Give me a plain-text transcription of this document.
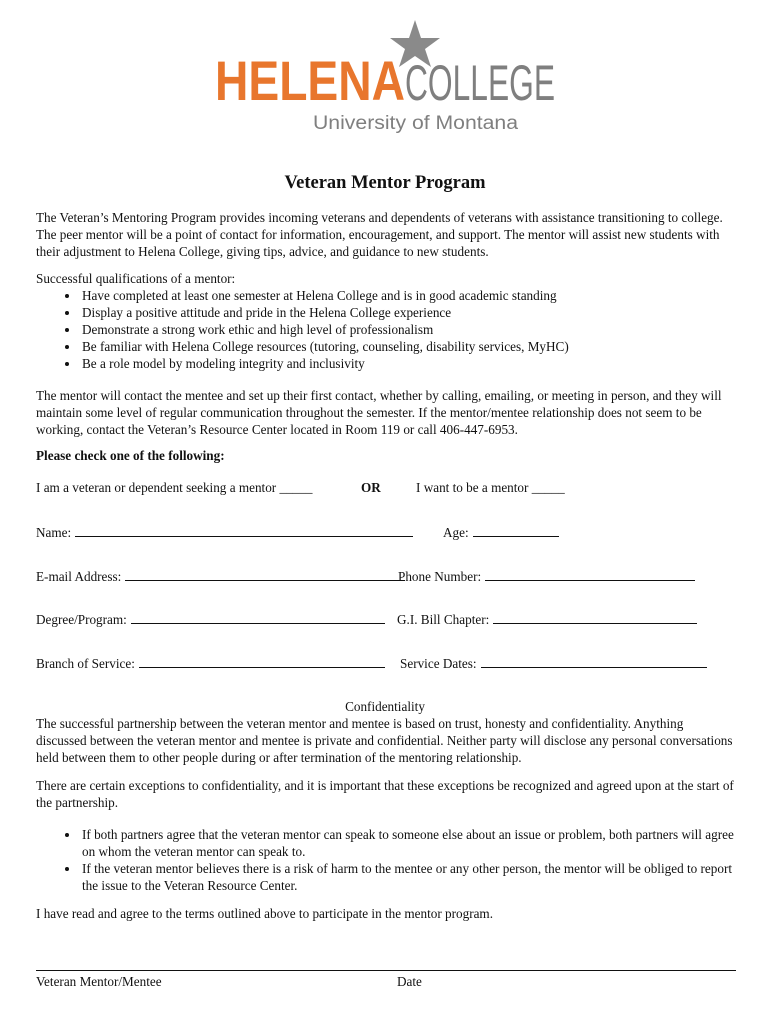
HELENA COLLEGE
University of Montana
Veteran Mentor Program
The Veteran’s Mentoring Program provides incoming veterans and dependents of veterans with assistance transitioning to college. The peer mentor will be a point of contact for information, encouragement, and support. The mentor will assist new students with their adjustment to Helena College, giving tips, advice, and guidance to new students.
Successful qualifications of a mentor:
• Have completed at least one semester at Helena College and is in good academic standing
• Display a positive attitude and pride in the Helena College experience
• Demonstrate a strong work ethic and high level of professionalism
• Be familiar with Helena College resources (tutoring, counseling, disability services, MyHC)
• Be a role model by modeling integrity and inclusivity
The mentor will contact the mentee and set up their first contact, whether by calling, emailing, or meeting in person, and they will maintain some level of regular communication throughout the semester. If the mentor/mentee relationship does not seem to be working, contact the Veteran’s Resource Center located in Room 119 or call 406-447-6953.
Please check one of the following:
I am a veteran or dependent seeking a mentor _____	OR	I want to be a mentor _____
Name:	Age:
E-mail Address:	Phone Number:
Degree/Program:	G.I. Bill Chapter:
Branch of Service:	Service Dates:
Confidentiality
The successful partnership between the veteran mentor and mentee is based on trust, honesty and confidentiality. Anything discussed between the veteran mentor and mentee is private and confidential. Neither party will disclose any personal conversations held between them to other people during or after termination of the mentoring relationship.
There are certain exceptions to confidentiality, and it is important that these exceptions be recognized and agreed upon at the start of the partnership.
• If both partners agree that the veteran mentor can speak to someone else about an issue or problem, both partners will agree on whom the veteran mentor can speak to.
• If the veteran mentor believes there is a risk of harm to the mentee or any other person, the mentor will be obliged to report the issue to the Veteran Resource Center.
I have read and agree to the terms outlined above to participate in the mentor program.
Veteran Mentor/Mentee	Date
